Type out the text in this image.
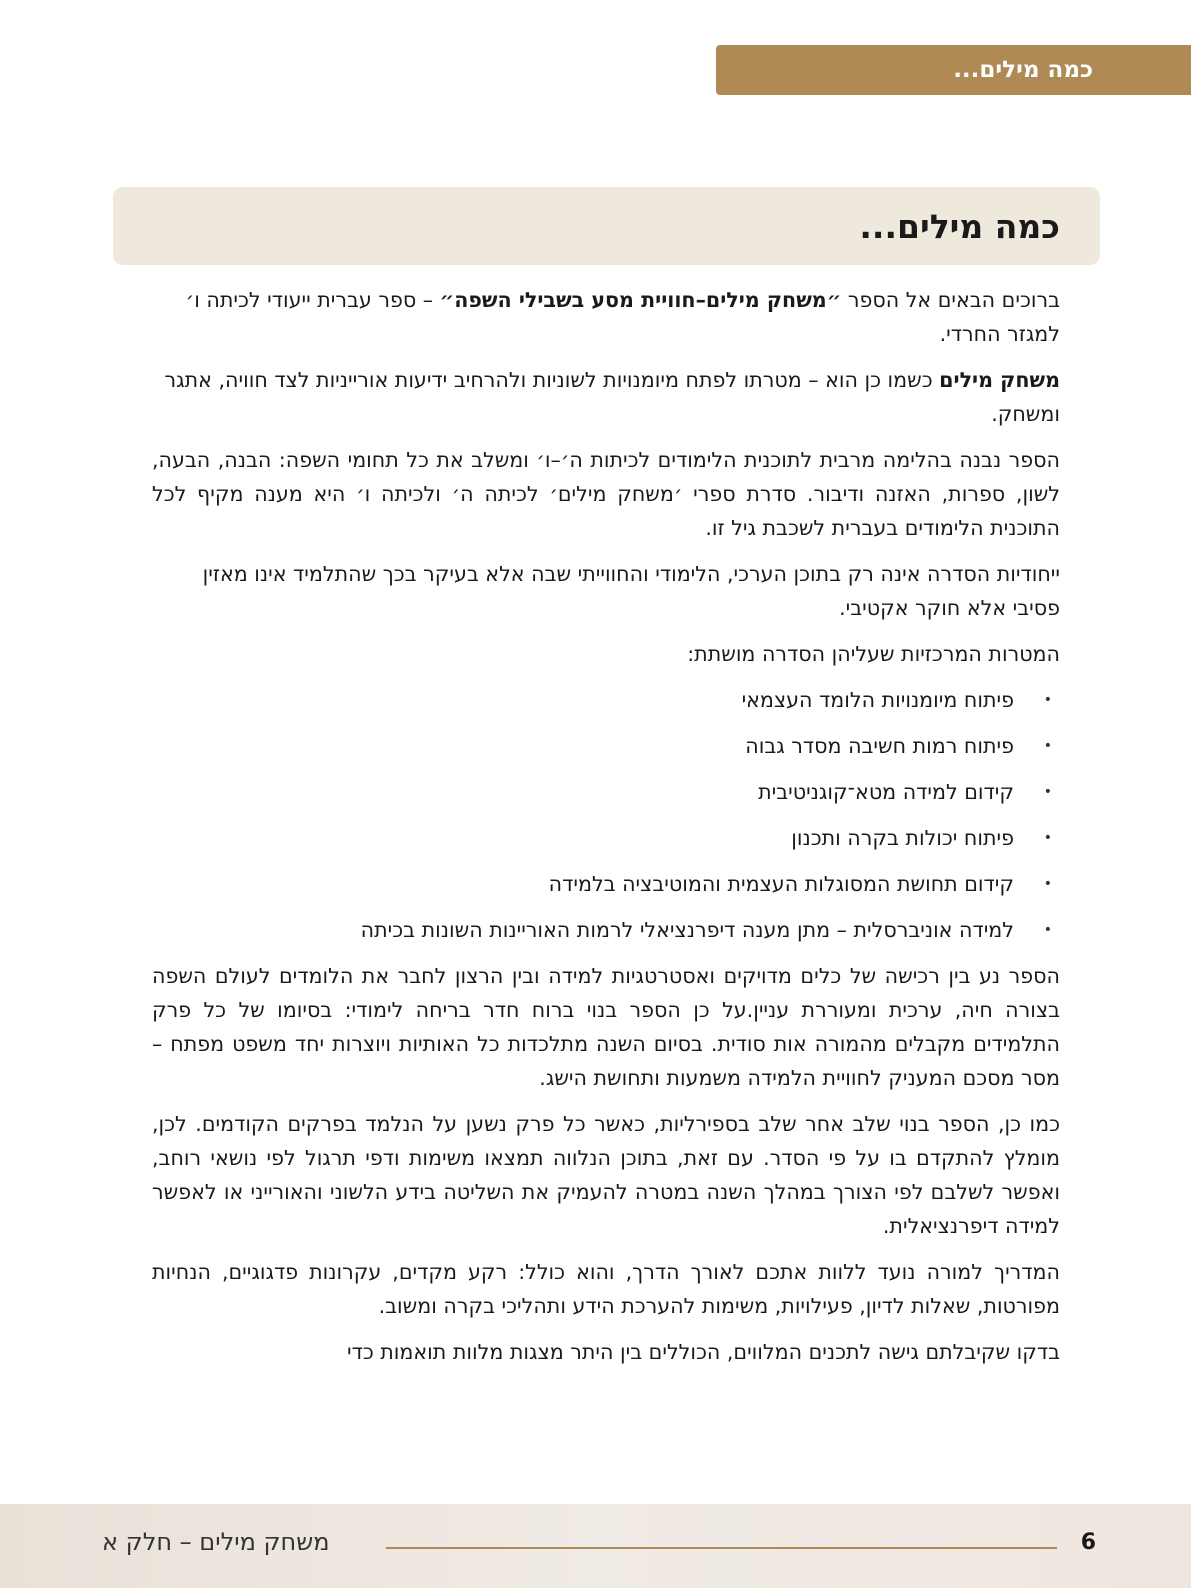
כמה מילים...
כמה מילים...

ברוכים הבאים אל הספר ״משחק מילים–חוויית מסע בשבילי השפה״ – ספר עברית ייעודי לכיתה ו׳ למגזר החרדי.

משחק מילים כשמו כן הוא – מטרתו לפתח מיומנויות לשוניות ולהרחיב ידיעות אורייניות לצד חוויה, אתגר ומשחק.

הספר נבנה בהלימה מרבית לתוכנית הלימודים לכיתות ה׳–ו׳ ומשלב את כל תחומי השפה: הבנה, הבעה, לשון, ספרות, האזנה ודיבור. סדרת ספרי ׳משחק מילים׳ לכיתה ה׳ ולכיתה ו׳ היא מענה מקיף לכל התוכנית הלימודים בעברית לשכבת גיל זו.

ייחודיות הסדרה אינה רק בתוכן הערכי, הלימודי והחווייתי שבה אלא בעיקר בכך שהתלמיד אינו מאזין פסיבי אלא חוקר אקטיבי.

המטרות המרכזיות שעליהן הסדרה מושתת:

•
פיתוח מיומנויות הלומד העצמאי
•
פיתוח רמות חשיבה מסדר גבוה
•
קידום למידה מטא־קוגניטיבית
•
פיתוח יכולות בקרה ותכנון
•
קידום תחושת המסוגלות העצמית והמוטיבציה בלמידה
•
למידה אוניברסלית – מתן מענה דיפרנציאלי לרמות האוריינות השונות בכיתה

הספר נע בין רכישה של כלים מדויקים ואסטרטגיות למידה ובין הרצון לחבר את הלומדים לעולם השפה בצורה חיה, ערכית ומעוררת עניין.על כן הספר בנוי ברוח חדר בריחה לימודי: בסיומו של כל פרק התלמידים מקבלים מהמורה אות סודית. בסיום השנה מתלכדות כל האותיות ויוצרות יחד משפט מפתח – מסר מסכם המעניק לחוויית הלמידה משמעות ותחושת הישג.

כמו כן, הספר בנוי שלב אחר שלב בספירליות, כאשר כל פרק נשען על הנלמד בפרקים הקודמים. לכן, מומלץ להתקדם בו על פי הסדר. עם זאת, בתוכן הנלווה תמצאו משימות ודפי תרגול לפי נושאי רוחב, ואפשר לשלבם לפי הצורך במהלך השנה במטרה להעמיק את השליטה בידע הלשוני והאורייני או לאפשר למידה דיפרנציאלית.

המדריך למורה נועד ללוות אתכם לאורך הדרך, והוא כולל: רקע מקדים, עקרונות פדגוגיים, הנחיות מפורטות, שאלות לדיון, פעילויות, משימות להערכת הידע ותהליכי בקרה ומשוב.

בדקו שקיבלתם גישה לתכנים המלווים, הכוללים בין היתר מצגות מלוות תואמות כדי

6
משחק מילים – חלק א
